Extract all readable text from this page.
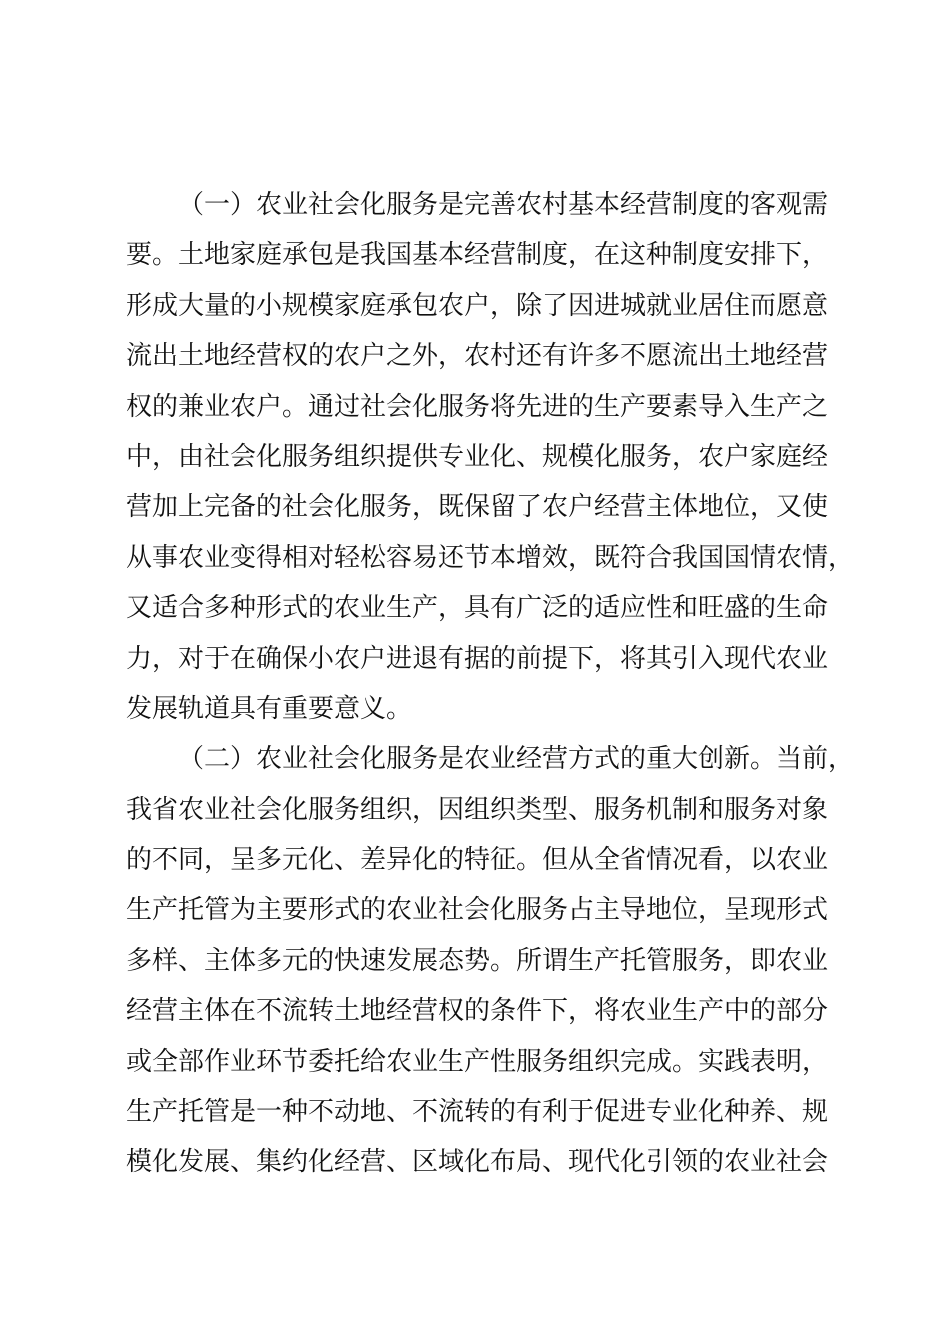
（一）农业社会化服务是完善农村基本经营制度的客观需
要。土地家庭承包是我国基本经营制度，在这种制度安排下，
形成大量的小规模家庭承包农户，除了因进城就业居住而愿意
流出土地经营权的农户之外，农村还有许多不愿流出土地经营
权的兼业农户。通过社会化服务将先进的生产要素导入生产之
中，由社会化服务组织提供专业化、规模化服务，农户家庭经
营加上完备的社会化服务，既保留了农户经营主体地位，又使
从事农业变得相对轻松容易还节本增效，既符合我国国情农情，
又适合多种形式的农业生产，具有广泛的适应性和旺盛的生命
力，对于在确保小农户进退有据的前提下，将其引入现代农业
发展轨道具有重要意义。
（二）农业社会化服务是农业经营方式的重大创新。当前，
我省农业社会化服务组织，因组织类型、服务机制和服务对象
的不同，呈多元化、差异化的特征。但从全省情况看，以农业
生产托管为主要形式的农业社会化服务占主导地位，呈现形式
多样、主体多元的快速发展态势。所谓生产托管服务，即农业
经营主体在不流转土地经营权的条件下，将农业生产中的部分
或全部作业环节委托给农业生产性服务组织完成。实践表明，
生产托管是一种不动地、不流转的有利于促进专业化种养、规
模化发展、集约化经营、区域化布局、现代化引领的农业社会
